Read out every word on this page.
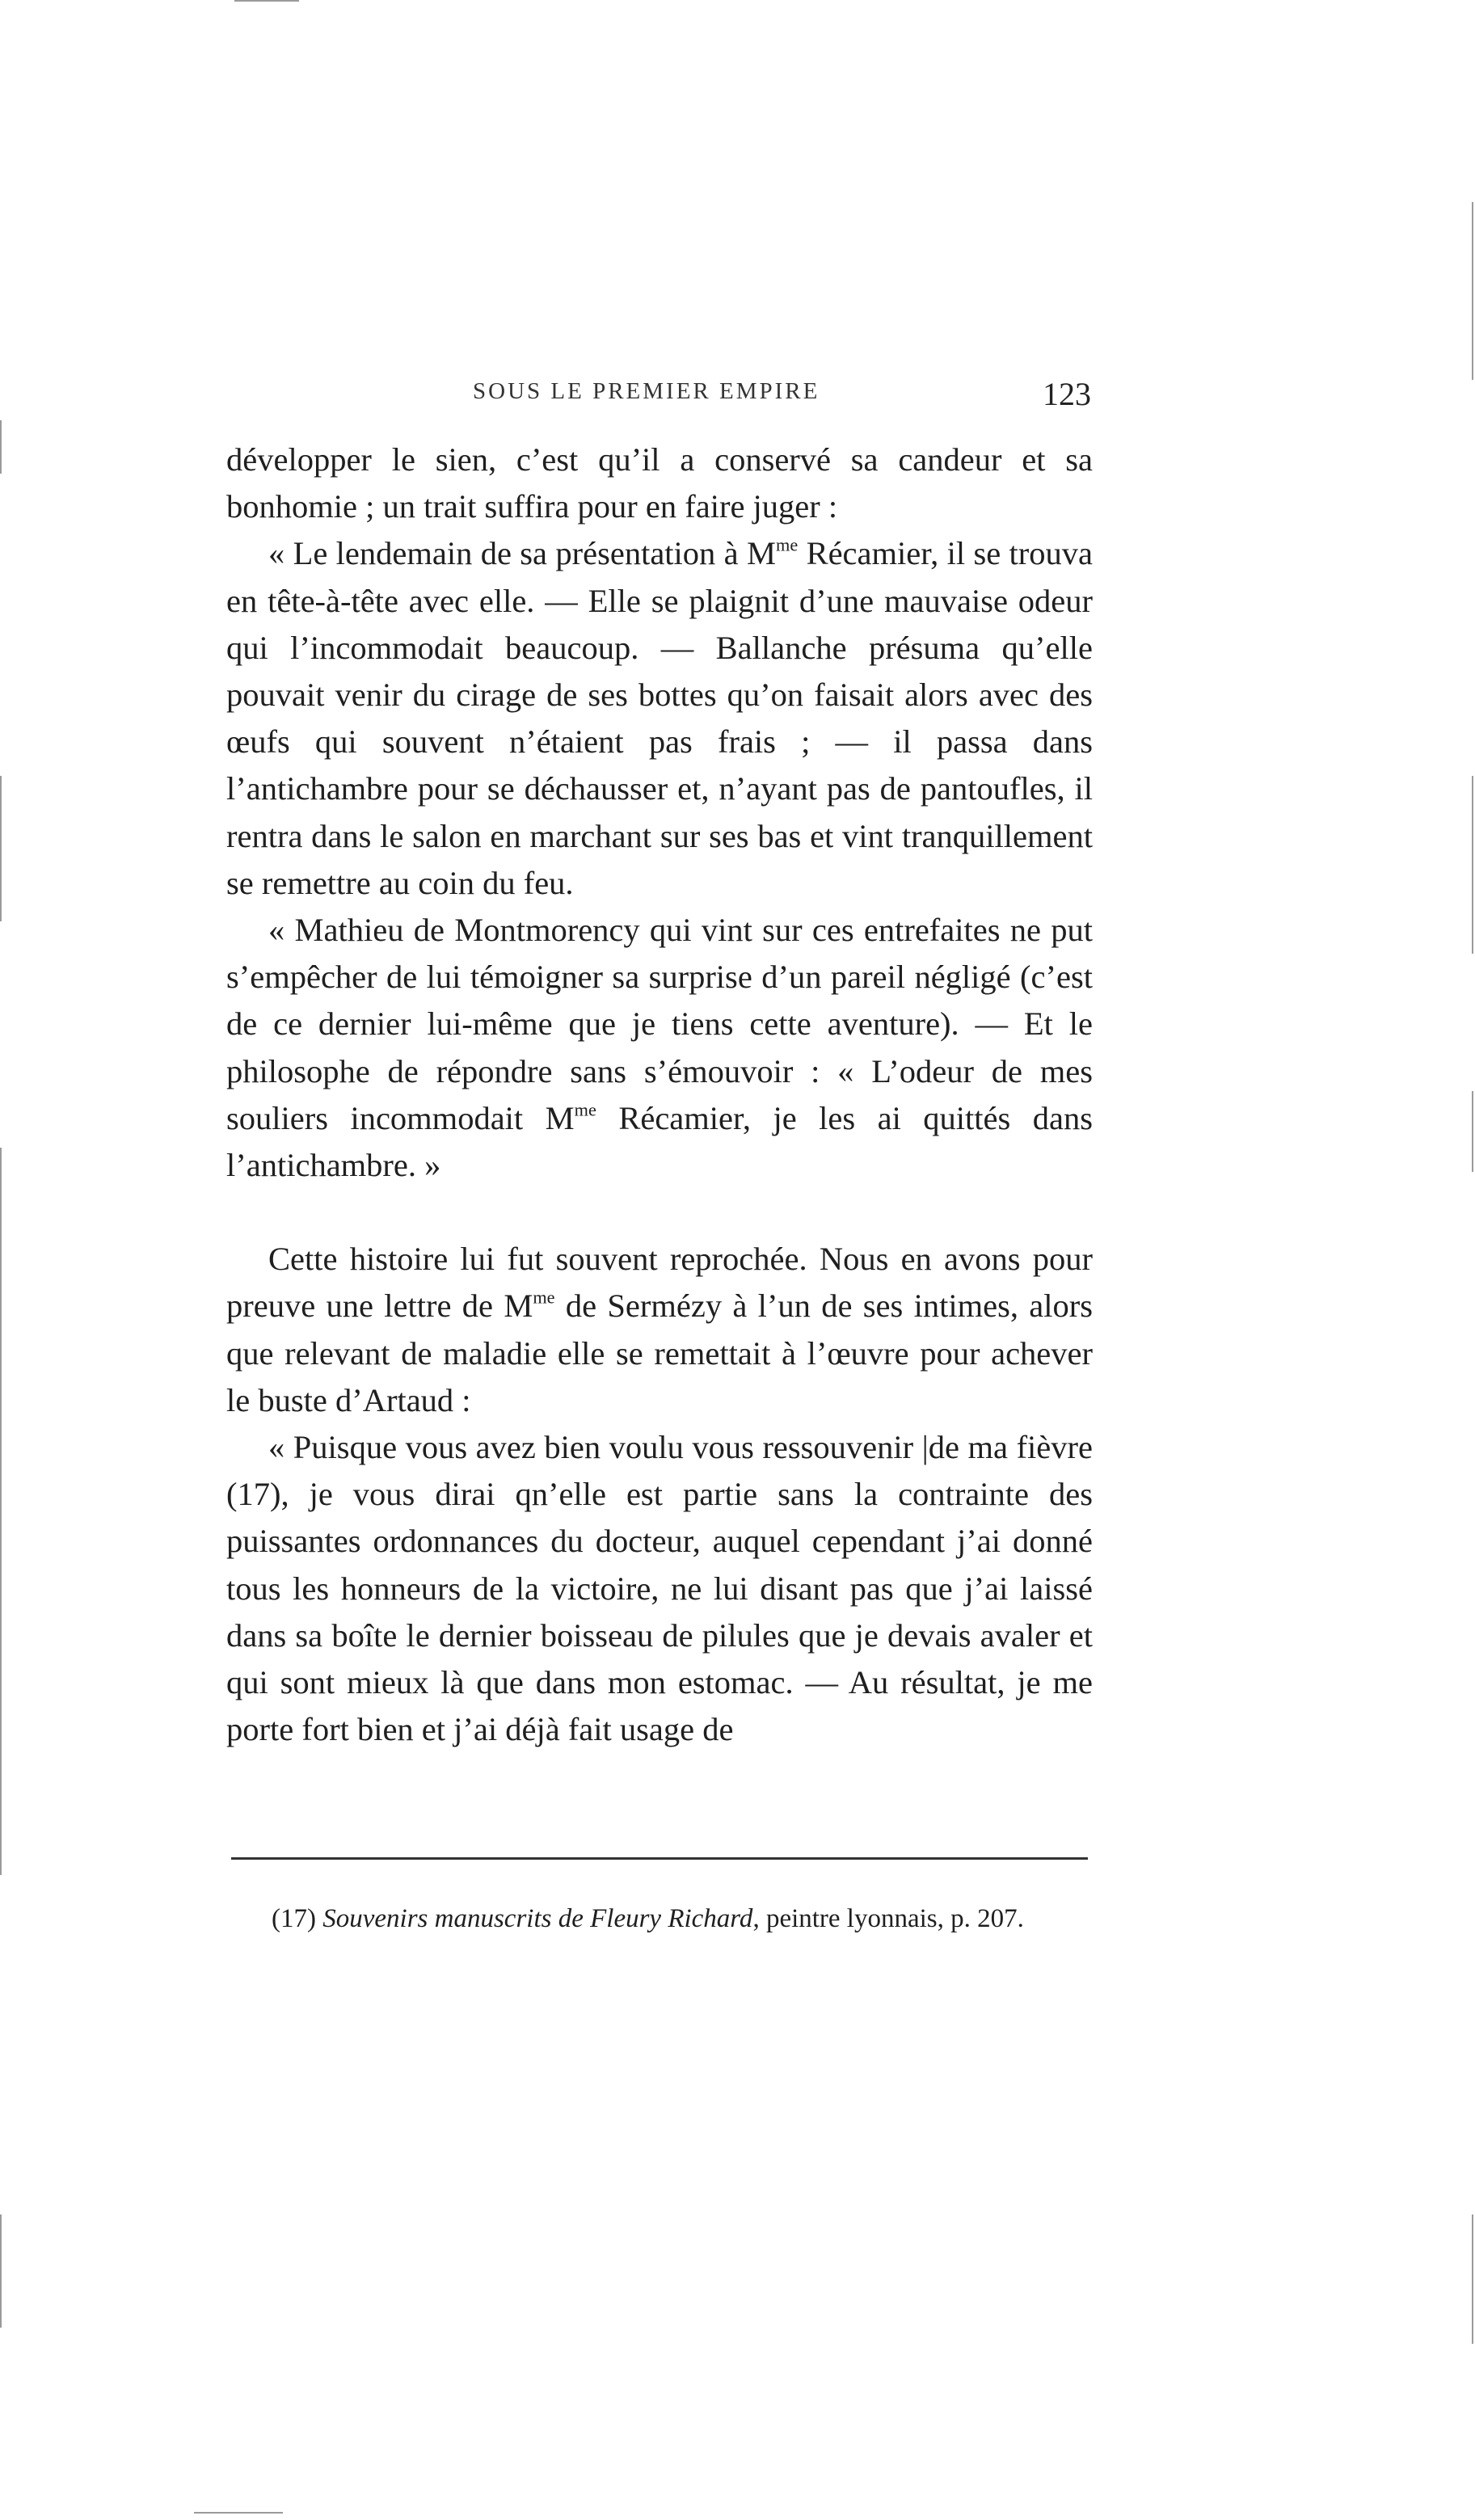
SOUS LE PREMIER EMPIRE	123

développer le sien, c’est qu’il a conservé sa candeur et sa bonhomie ; un trait suffira pour en faire juger :

« Le lendemain de sa présentation à $M^{me}$ Récamier, il se trouva en tête-à-tête avec elle. — Elle se plaignit d’une mauvaise odeur qui l’incommodait beaucoup. — Ballanche présuma qu’elle pouvait venir du cirage de ses bottes qu’on faisait alors avec des œufs qui souvent n’étaient pas frais ; — il passa dans l’antichambre pour se déchausser et, n’ayant pas de pantoufles, il rentra dans le salon en marchant sur ses bas et vint tranquillement se remettre au coin du feu.

« Mathieu de Montmorency qui vint sur ces entrefaites ne put s’empêcher de lui témoigner sa surprise d’un pareil négligé (c’est de ce dernier lui-même que je tiens cette aventure). — Et le philosophe de répondre sans s’émouvoir : « L’odeur de mes souliers incommodait $M^{me}$ Récamier, je les ai quittés dans l’antichambre. »

Cette histoire lui fut souvent reprochée. Nous en avons pour preuve une lettre de $M^{me}$ de Sermézy à l’un de ses intimes, alors que relevant de maladie elle se remettait à l’œuvre pour achever le buste d’Artaud :

« Puisque vous avez bien voulu vous ressouvenir |de ma fièvre (17), je vous dirai qn’elle est partie sans la contrainte des puissantes ordonnances du docteur, auquel cependant j’ai donné tous les honneurs de la victoire, ne lui disant pas que j’ai laissé dans sa boîte le dernier boisseau de pilules que je devais avaler et qui sont mieux là que dans mon estomac. — Au résultat, je me porte fort bien et j’ai déjà fait usage de

(17) Souvenirs manuscrits de Fleury Richard, peintre lyonnais, p. 207.
